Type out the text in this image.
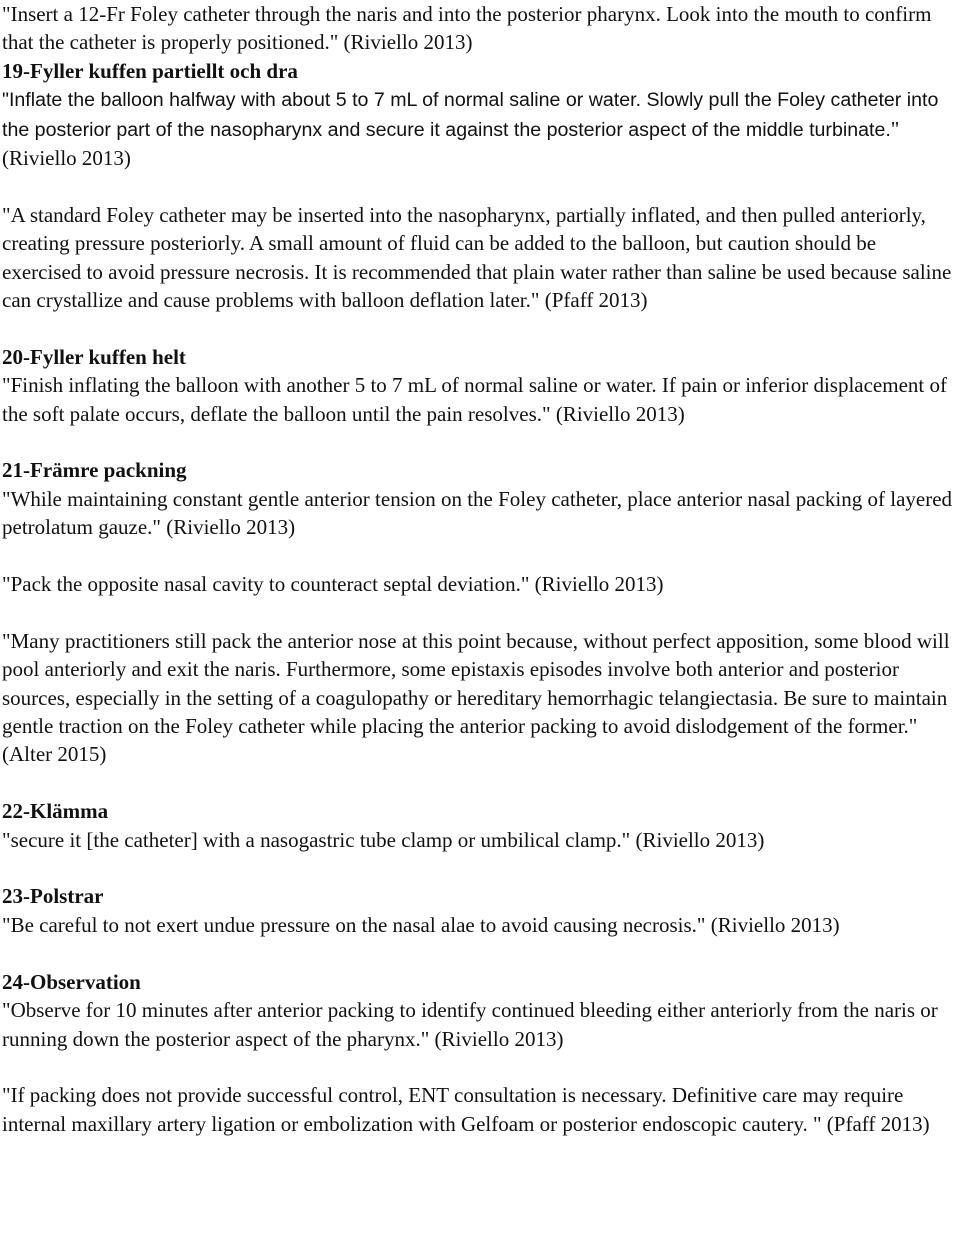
"Insert a 12-Fr Foley catheter through the naris and into the posterior pharynx. Look into the mouth to confirm that the catheter is properly positioned." (Riviello 2013)

19-Fyller kuffen partiellt och dra

"Inflate the balloon halfway with about 5 to 7 mL of normal saline or water. Slowly pull the Foley catheter into the posterior part of the nasopharynx and secure it against the posterior aspect of the middle turbinate." (Riviello 2013)

"A standard Foley catheter may be inserted into the nasopharynx, partially inflated, and then pulled anteriorly, creating pressure posteriorly. A small amount of fluid can be added to the balloon, but caution should be exercised to avoid pressure necrosis. It is recommended that plain water rather than saline be used because saline can crystallize and cause problems with balloon deflation later." (Pfaff 2013)

20-Fyller kuffen helt

"Finish inflating the balloon with another 5 to 7 mL of normal saline or water. If pain or inferior displacement of the soft palate occurs, deflate the balloon until the pain resolves." (Riviello 2013)

21-Främre packning

"While maintaining constant gentle anterior tension on the Foley catheter, place anterior nasal packing of layered petrolatum gauze." (Riviello 2013)

"Pack the opposite nasal cavity to counteract septal deviation." (Riviello 2013)

"Many practitioners still pack the anterior nose at this point because, without perfect apposition, some blood will pool anteriorly and exit the naris. Furthermore, some epistaxis episodes involve both anterior and posterior sources, especially in the setting of a coagulopathy or hereditary hemorrhagic telangiectasia. Be sure to maintain gentle traction on the Foley catheter while placing the anterior packing to avoid dislodgement of the former." (Alter 2015)

22-Klämma

"secure it [the catheter] with a nasogastric tube clamp or umbilical clamp." (Riviello 2013)

23-Polstrar

"Be careful to not exert undue pressure on the nasal alae to avoid causing necrosis." (Riviello 2013)

24-Observation

"Observe for 10 minutes after anterior packing to identify continued bleeding either anteriorly from the naris or running down the posterior aspect of the pharynx." (Riviello 2013)

"If packing does not provide successful control, ENT consultation is necessary. Definitive care may require internal maxillary artery ligation or embolization with Gelfoam or posterior endoscopic cautery. " (Pfaff 2013)
